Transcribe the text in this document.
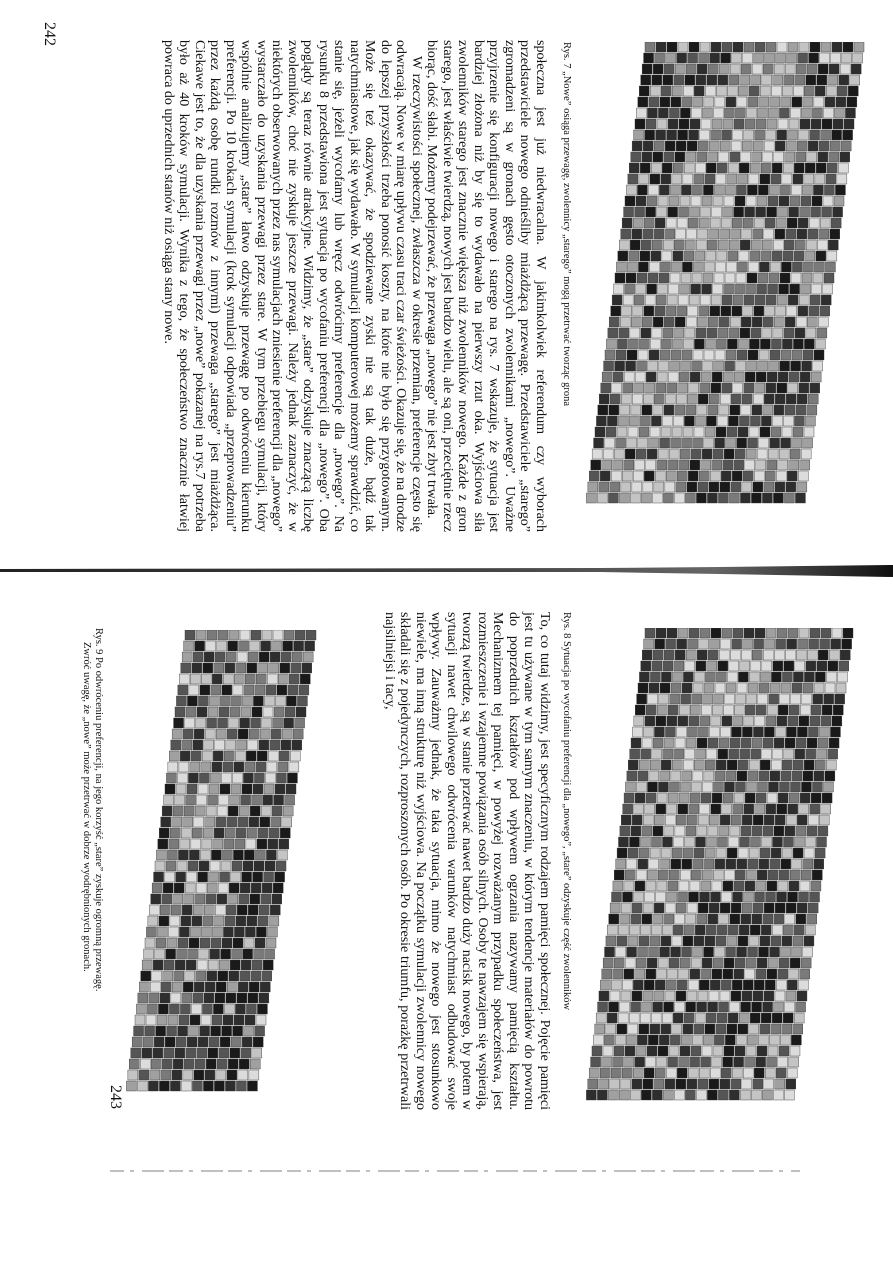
242

społeczna jest już niedwracalna. W jakimkolwiek referendum czy wyborach przedstawiciele nowego odnieśliby miażdżącą przewagę. Przedstawiciele „starego” zgromadzeni są w gronach gęsto otoczonych zwolennikami „nowego”. Uważne przyjrzenie się konfiguracji nowego i starego na rys. 7 wskazuje, że sytuacja jest bardziej złożona niż by się to wydawało na pierwszy rzut oka. Wyjściowa siła zwolenników starego jest znacznie większa niż zwolenników nowego. Każde z gron starego, jest właściwie twierdzą, nowych jest bardzo wielu, ale są oni, przeciętnie rzecz biorąc, dość słabi. Możemy podejrzewać, że przewaga „nowego” nie jest zbyt trwała.

W rzeczywistości społecznej, zwłaszcza w okresie przemian, preferencje często się odwracają. Nowe w miarę upływu czasu traci czar świeżości. Okazuje się, że na drodze do lepszej przyszłości trzeba ponosić koszty, na które nie było się przygotowanym. Może się też okazywać, że spodziewane zyski nie są tak duże, bądź tak natychmiastowe, jak się wydawało. W symulacji komputerowej możemy sprawdzić, co stanie się, jeżeli wycofamy lub wręcz odwrócimy preferencje dla „nowego”. Na rysunku 8 przedstawiona jest sytuacja po wycofaniu preferencji dla „nowego”. Oba poglądy są teraz równie atrakcyjne. Widzimy, że „stare” odzyskuje znaczącą liczbę zwolenników, choć nie zyskuje jeszcze przewagi. Należy jednak zaznaczyć, że w niektórych obserwowanych przez nas symulacjach zniesienie preferencji dla „nowego” wystarczało do uzyskania przewagi przez stare. W tym przebiegu symulacji, który wspólnie analizujemy „stare” łatwo odzyskuje przewagę po odwróceniu kierunku preferencji. Po 10 krokach symulacji (krok symulacji odpowiada „przeprowadzeniu” przez każdą osobę rundki rozmów z innymi) przewaga „starego” jest miażdżąca. Ciekawe jest to, że dla uzyskania przewagi przez „nowe” pokazanej na rys.7 potrzeba było aż 40 kroków symulacji. Wynika z tego, że społeczeństwo znacznie łatwiej powraca do uprzednich stanów niż osiąga stany nowe.	Rys. 7 „Nowe” osiąga przewagę, zwolennicy „starego” mogą przetrwać tworząc grona
Rys. 8 Sytuacja po wycofaniu preferencji dla „nowego”, „stare” odzyskuje część zwolenników

To, co tutaj widzimy, jest specyficznym rodzajem pamięci społecznej. Pojęcie pamięci jest tu używane w tym samym znaczeniu, w którym tendencje materiałów do powrotu do poprzednich kształtów pod wpływem ogrzania nazywamy pamięcią kształtu. Mechanizmem tej pamięci, w powyżej rozważanym przypadku społeczeństwa, jest rozmieszczenie i wzajemne powiązania osób silnych. Osoby te nawzajem się wspierają, tworzą twierdze, są w stanie przetrwać nawet bardzo duży nacisk nowego, by potem w sytuacji nawet chwilowego odwrócenia warunków natychmiast odbudować swoje wpływy. Zauważmy jednak, że taka sytuacja, mimo że nowego jest stosunkowo niewiele, ma inną strukturę niż wyjściowa. Na początku symulacji zwolennicy nowego składali się z pojedynczych, rozproszonych osób. Po okresie triumfu, porażkę przetrwali najsilniejsi i tacy,

Rys. 9 Po odwróceniu preferencji, na jego korzyść „stare” zyskuje ogromną przewagę.

Zwróć uwagę, że „nowe” może przetrwać w dobrze wyodrębnionych gronach.

243
